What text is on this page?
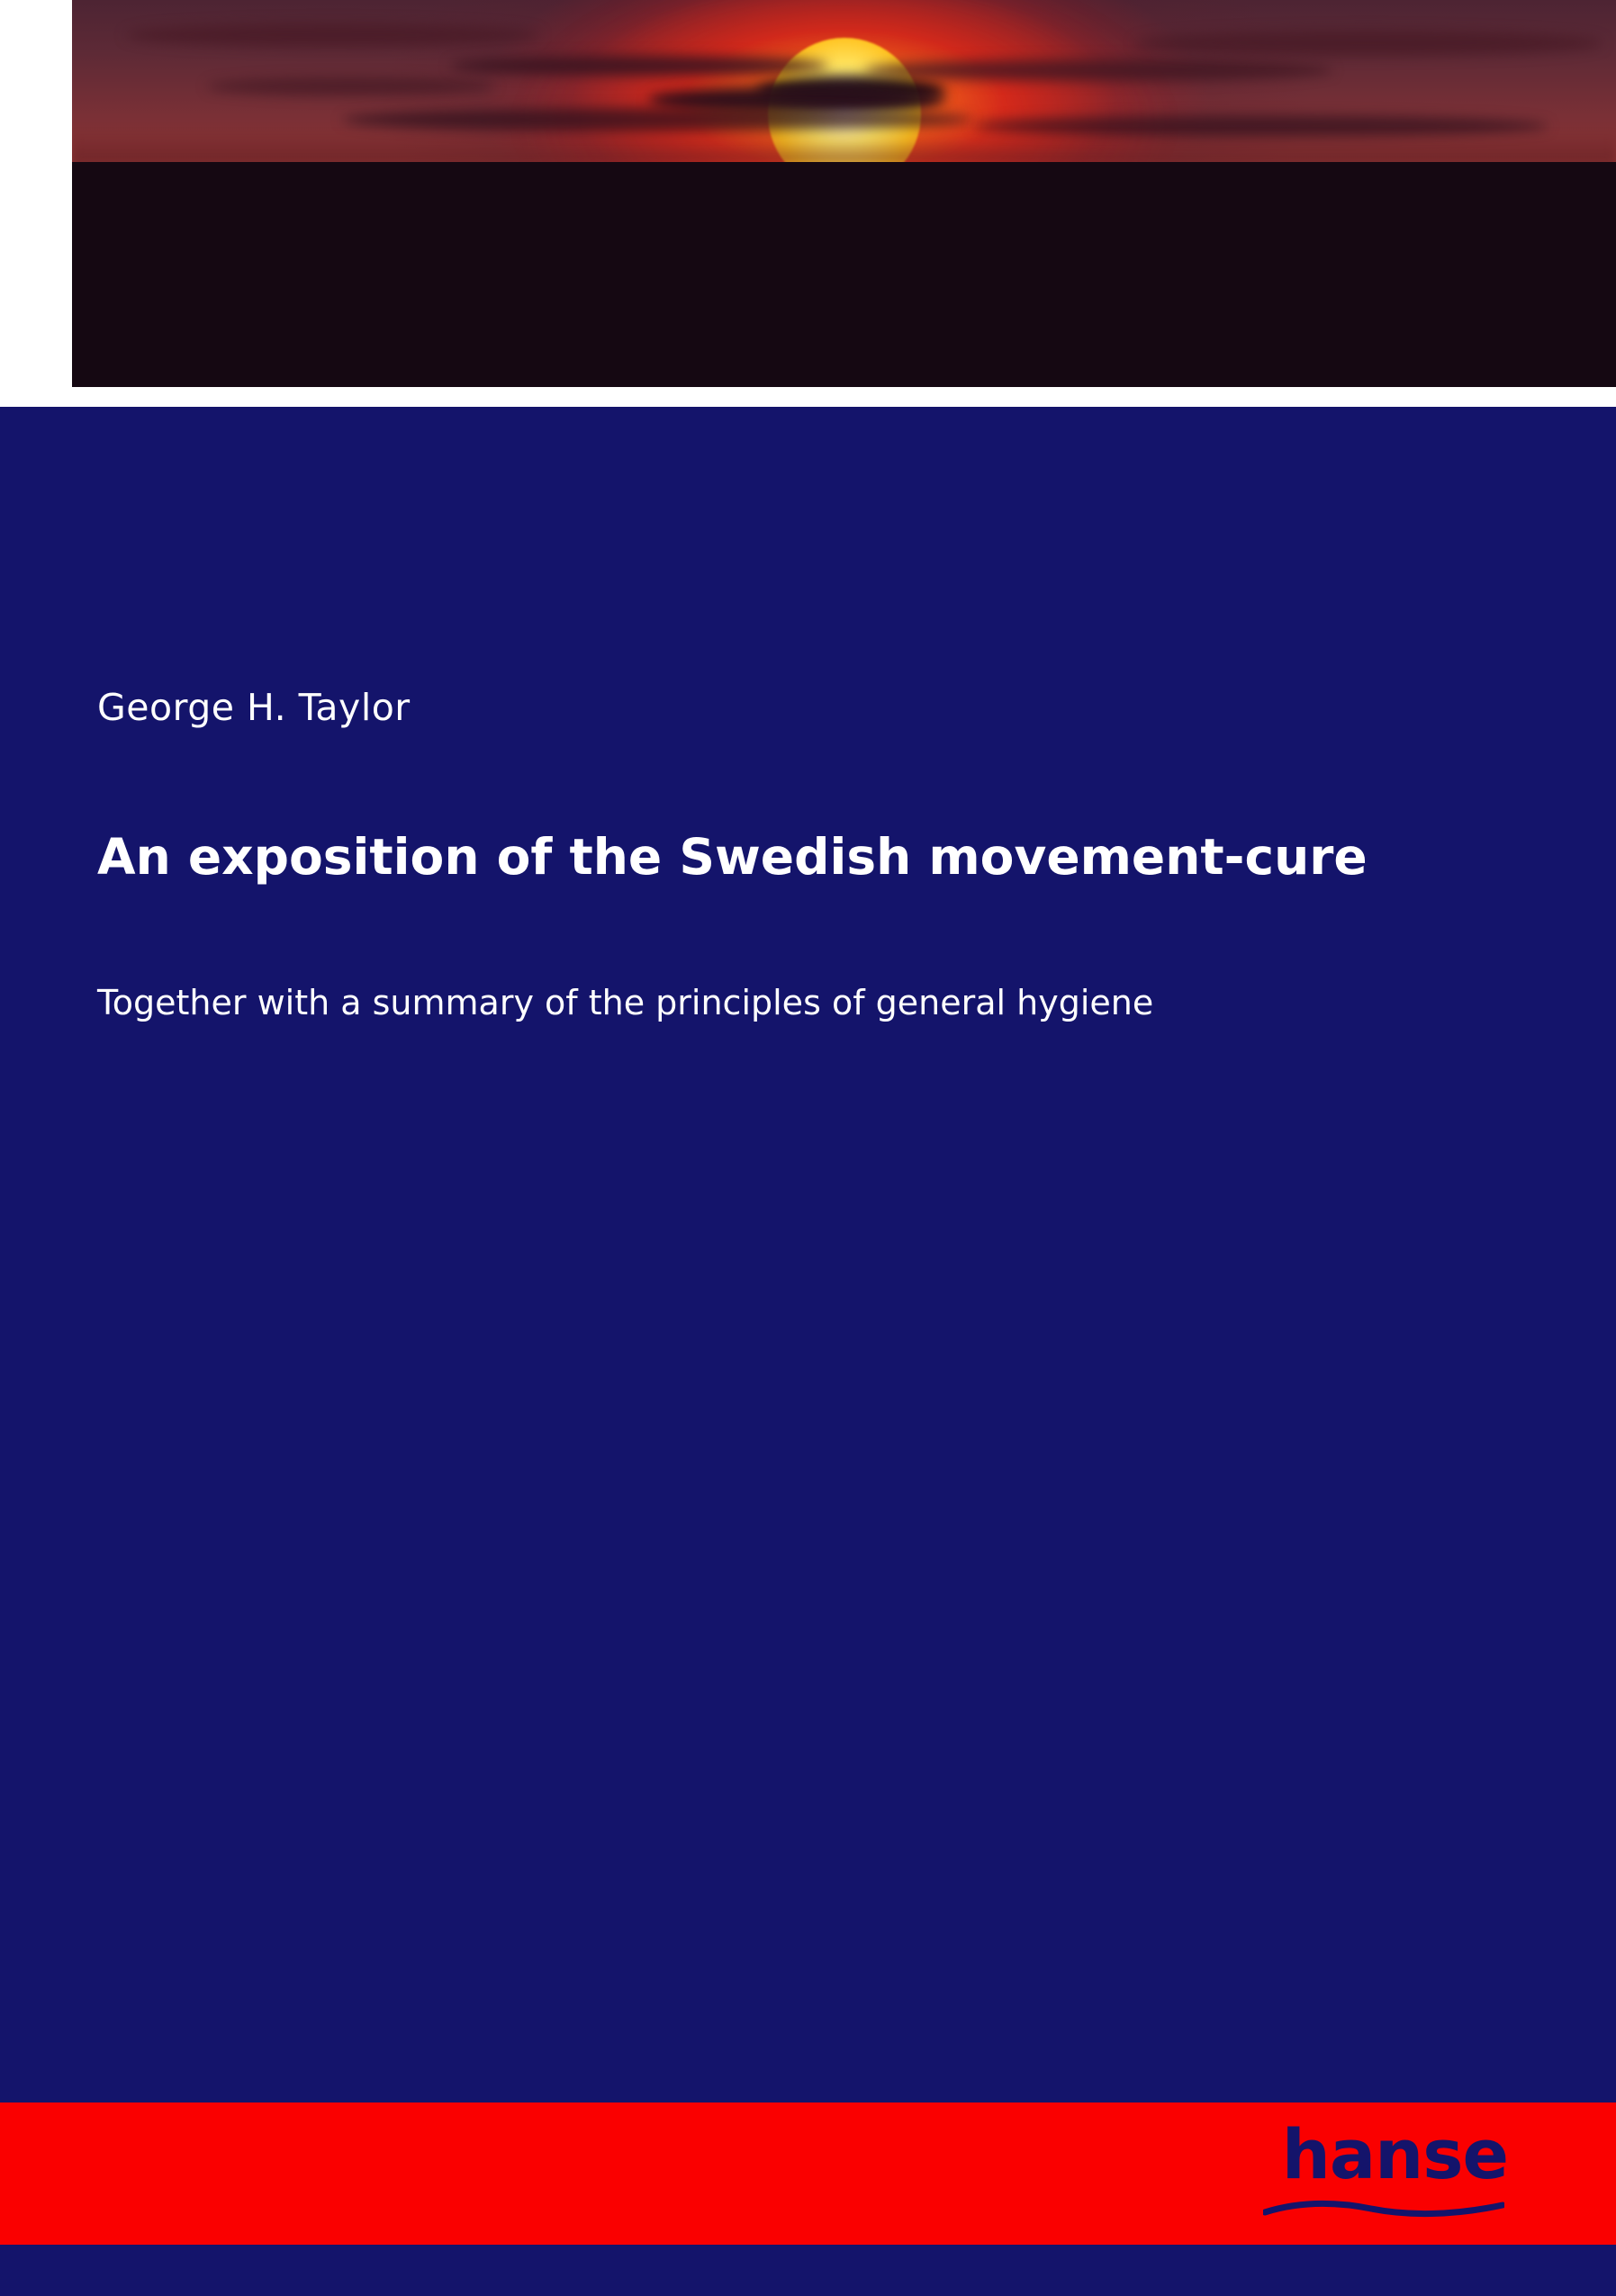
George H. Taylor
An exposition of the Swedish movement-cure
Together with a summary of the principles of general hygiene
hanse
